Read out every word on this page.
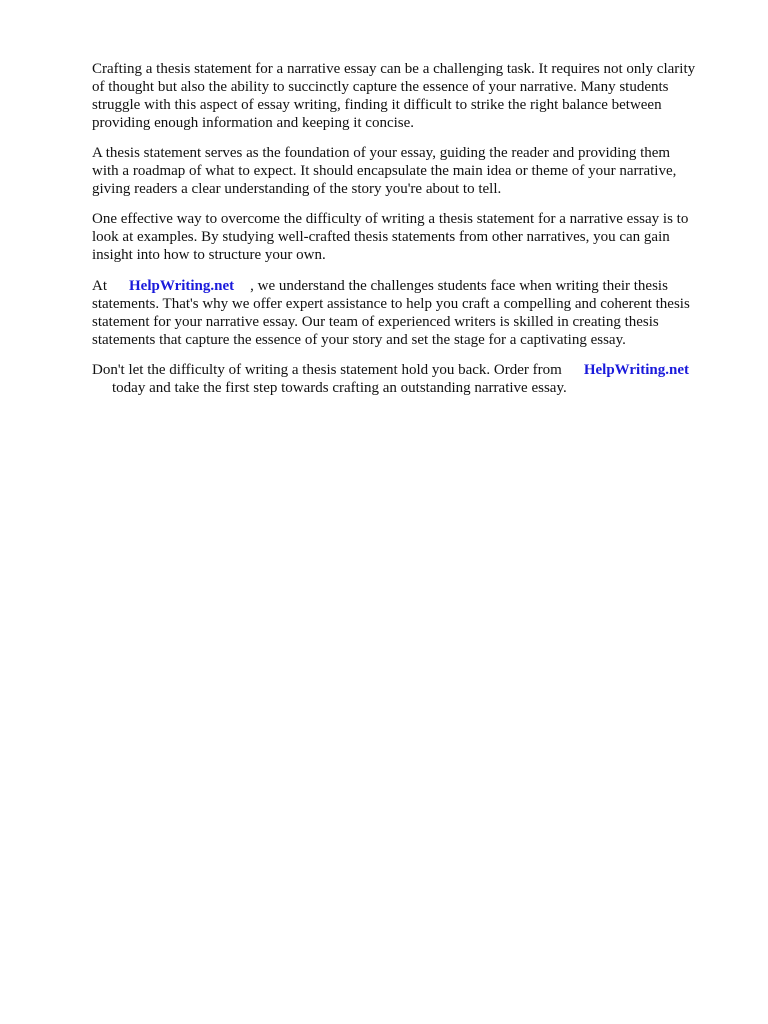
Crafting a thesis statement for a narrative essay can be a challenging task. It requires not only clarity
of thought but also the ability to succinctly capture the essence of your narrative. Many students
struggle with this aspect of essay writing, finding it difficult to strike the right balance between
providing enough information and keeping it concise.

A thesis statement serves as the foundation of your essay, guiding the reader and providing them
with a roadmap of what to expect. It should encapsulate the main idea or theme of your narrative,
giving readers a clear understanding of the story you're about to tell.

One effective way to overcome the difficulty of writing a thesis statement for a narrative essay is to
look at examples. By studying well-crafted thesis statements from other narratives, you can gain
insight into how to structure your own.

At HelpWriting.net , we understand the challenges students face when writing their thesis
statements. That's why we offer expert assistance to help you craft a compelling and coherent thesis
statement for your narrative essay. Our team of experienced writers is skilled in creating thesis
statements that capture the essence of your story and set the stage for a captivating essay.

Don't let the difficulty of writing a thesis statement hold you back. Order from HelpWriting.net
today and take the first step towards crafting an outstanding narrative essay.
